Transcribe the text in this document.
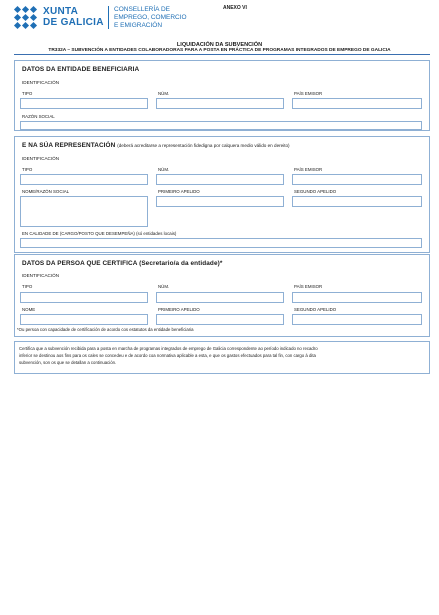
XUNTA
DE GALICIA
CONSELLERÍA DE
EMPREGO, COMERCIO
E EMIGRACIÓN
ANEXO VI
LIQUIDACIÓN DA SUBVENCIÓN
TR332A – SUBVENCIÓN A ENTIDADES COLABORADORAS PARA A POSTA EN PRÁCTICA DE PROGRAMAS INTEGRADOS DE EMPREGO DE GALICIA
DATOS DA ENTIDADE BENEFICIARIA
IDENTIFICACIÓN
TIPO	NÚM.	PAÍS EMISOR
RAZÓN SOCIAL
E NA SÚA REPRESENTACIÓN (deberá acreditarse a representación fidedigna por calquera medio válido en dereito)
IDENTIFICACIÓN
TIPO	NÚM.	PAÍS EMISOR
NOME/RAZÓN SOCIAL	PRIMEIRO APELIDO	SEGUNDO APELIDO
EN CALIDADE DE (CARGO/POSTO QUE DESEMPEÑA) (só entidades locais)
DATOS DA PERSOA QUE CERTIFICA (Secretario/a da entidade)*
IDENTIFICACIÓN
TIPO	NÚM.	PAÍS EMISOR
NOME	PRIMEIRO APELIDO	SEGUNDO APELIDO
*Ou persoa con capacidade de certificación de acordo cos estatutos da entidade beneficiaria
Certifica que a subvención recibida para a posta en marcha de programas integrados de emprego de Galicia correspondente ao período indicado no recadro
inferior se destinou aos fins para os cales se concedeu e de acordo coa normativa aplicable a esta, e que os gastos efectuados para tal fin, con cargo á dita
subvención, son os que se detallan a continuación.
